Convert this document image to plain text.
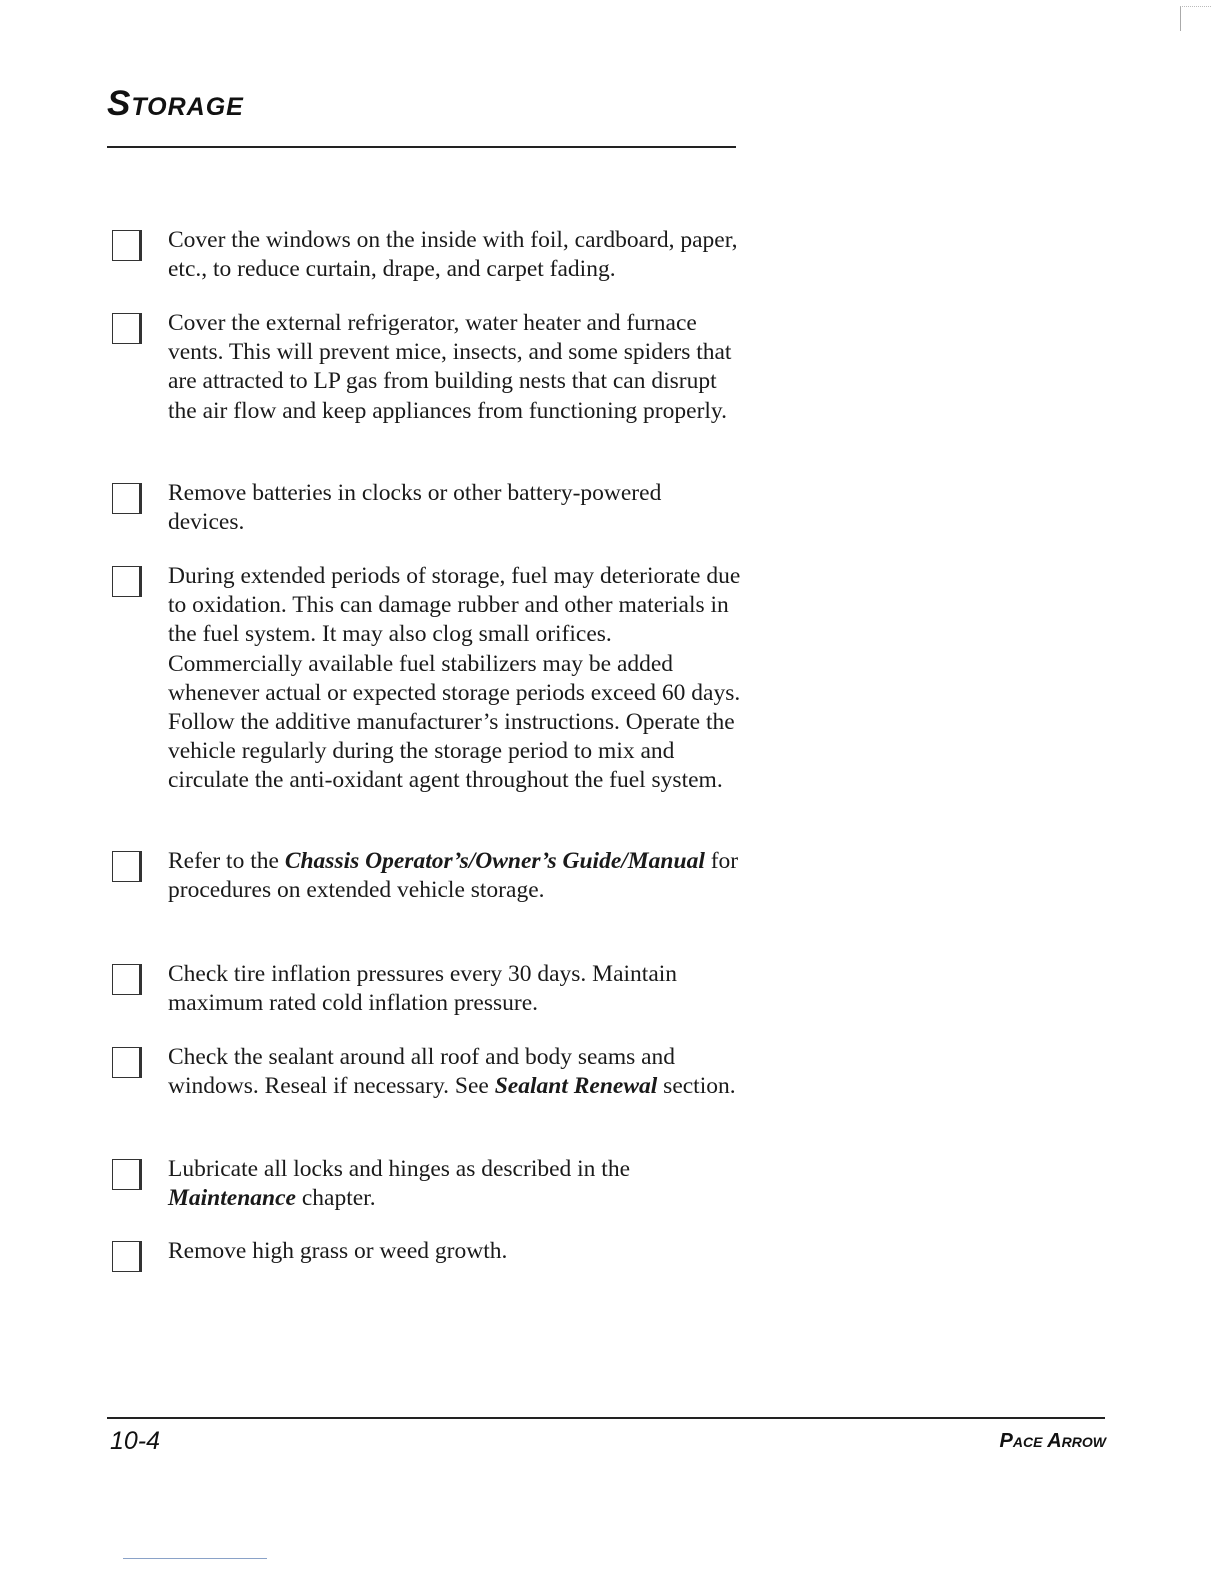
Storage
Cover the windows on the inside with foil, cardboard, paper, etc., to reduce curtain, drape, and carpet fading.
Cover the external refrigerator, water heater and furnace vents. This will prevent mice, insects, and some spiders that are attracted to LP gas from building nests that can disrupt the air flow and keep appliances from functioning properly.
Remove batteries in clocks or other battery-powered devices.
During extended periods of storage, fuel may deteriorate due to oxidation. This can damage rubber and other materials in the fuel system. It may also clog small orifices. Commercially available fuel stabilizers may be added whenever actual or expected storage periods exceed 60 days. Follow the additive manufacturer’s instructions. Operate the vehicle regularly during the storage period to mix and circulate the anti-oxidant agent throughout the fuel system.
Refer to the Chassis Operator’s/Owner’s Guide/Manual for procedures on extended vehicle storage.
Check tire inflation pressures every 30 days. Maintain maximum rated cold inflation pressure.
Check the sealant around all roof and body seams and windows. Reseal if necessary. See Sealant Renewal section.
Lubricate all locks and hinges as described in the Maintenance chapter.
Remove high grass or weed growth.
10-4	Pace Arrow
